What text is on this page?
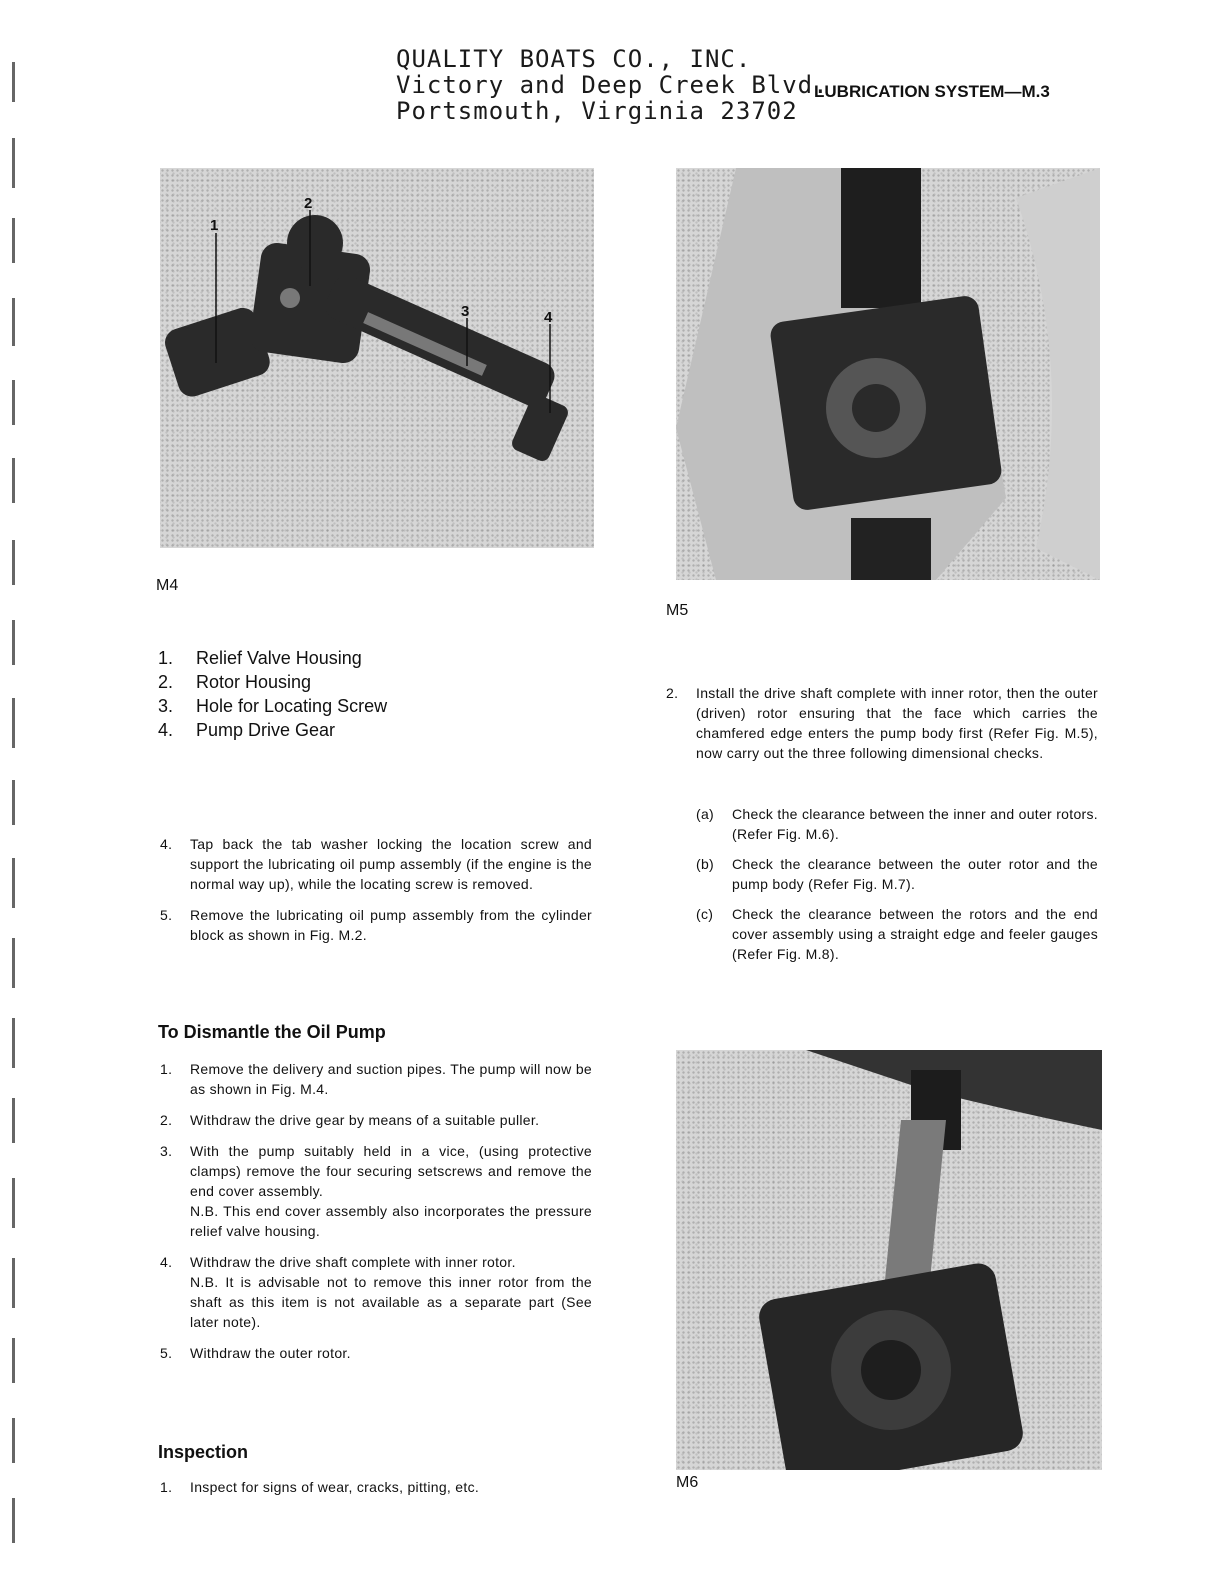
QUALITY BOATS CO., INC.
Victory and Deep Creek Blvd.
Portsmouth, Virginia 23702
LUBRICATION SYSTEM—M.3
1
2
3	4
M4
M5
1.	Relief Valve Housing
2.	Rotor Housing
3.	Hole for Locating Screw
4.	Pump Drive Gear
4.	Tap back the tab washer locking the location screw and support the lubricating oil pump assembly (if the engine is the normal way up), while the locating screw is removed.
5.	Remove the lubricating oil pump assembly from the cylinder block as shown in Fig. M.2.
To Dismantle the Oil Pump
1.	Remove the delivery and suction pipes. The pump will now be as shown in Fig. M.4.
2.	Withdraw the drive gear by means of a suitable puller.
3.	With the pump suitably held in a vice, (using protective clamps) remove the four securing setscrews and remove the end cover assembly.
N.B. This end cover assembly also incorporates the pressure relief valve housing.
4.	Withdraw the drive shaft complete with inner rotor.
N.B. It is advisable not to remove this inner rotor from the shaft as this item is not available as a separate part (See later note).
5.	Withdraw the outer rotor.
Inspection
1.	Inspect for signs of wear, cracks, pitting, etc.
2.	Install the drive shaft complete with inner rotor, then the outer (driven) rotor ensuring that the face which carries the chamfered edge enters the pump body first (Refer Fig. M.5), now carry out the three following dimensional checks.
(a)	Check the clearance between the inner and outer rotors. (Refer Fig. M.6).
(b)	Check the clearance between the outer rotor and the pump body (Refer Fig. M.7).
(c)	Check the clearance between the rotors and the end cover assembly using a straight edge and feeler gauges (Refer Fig. M.8).
M6
